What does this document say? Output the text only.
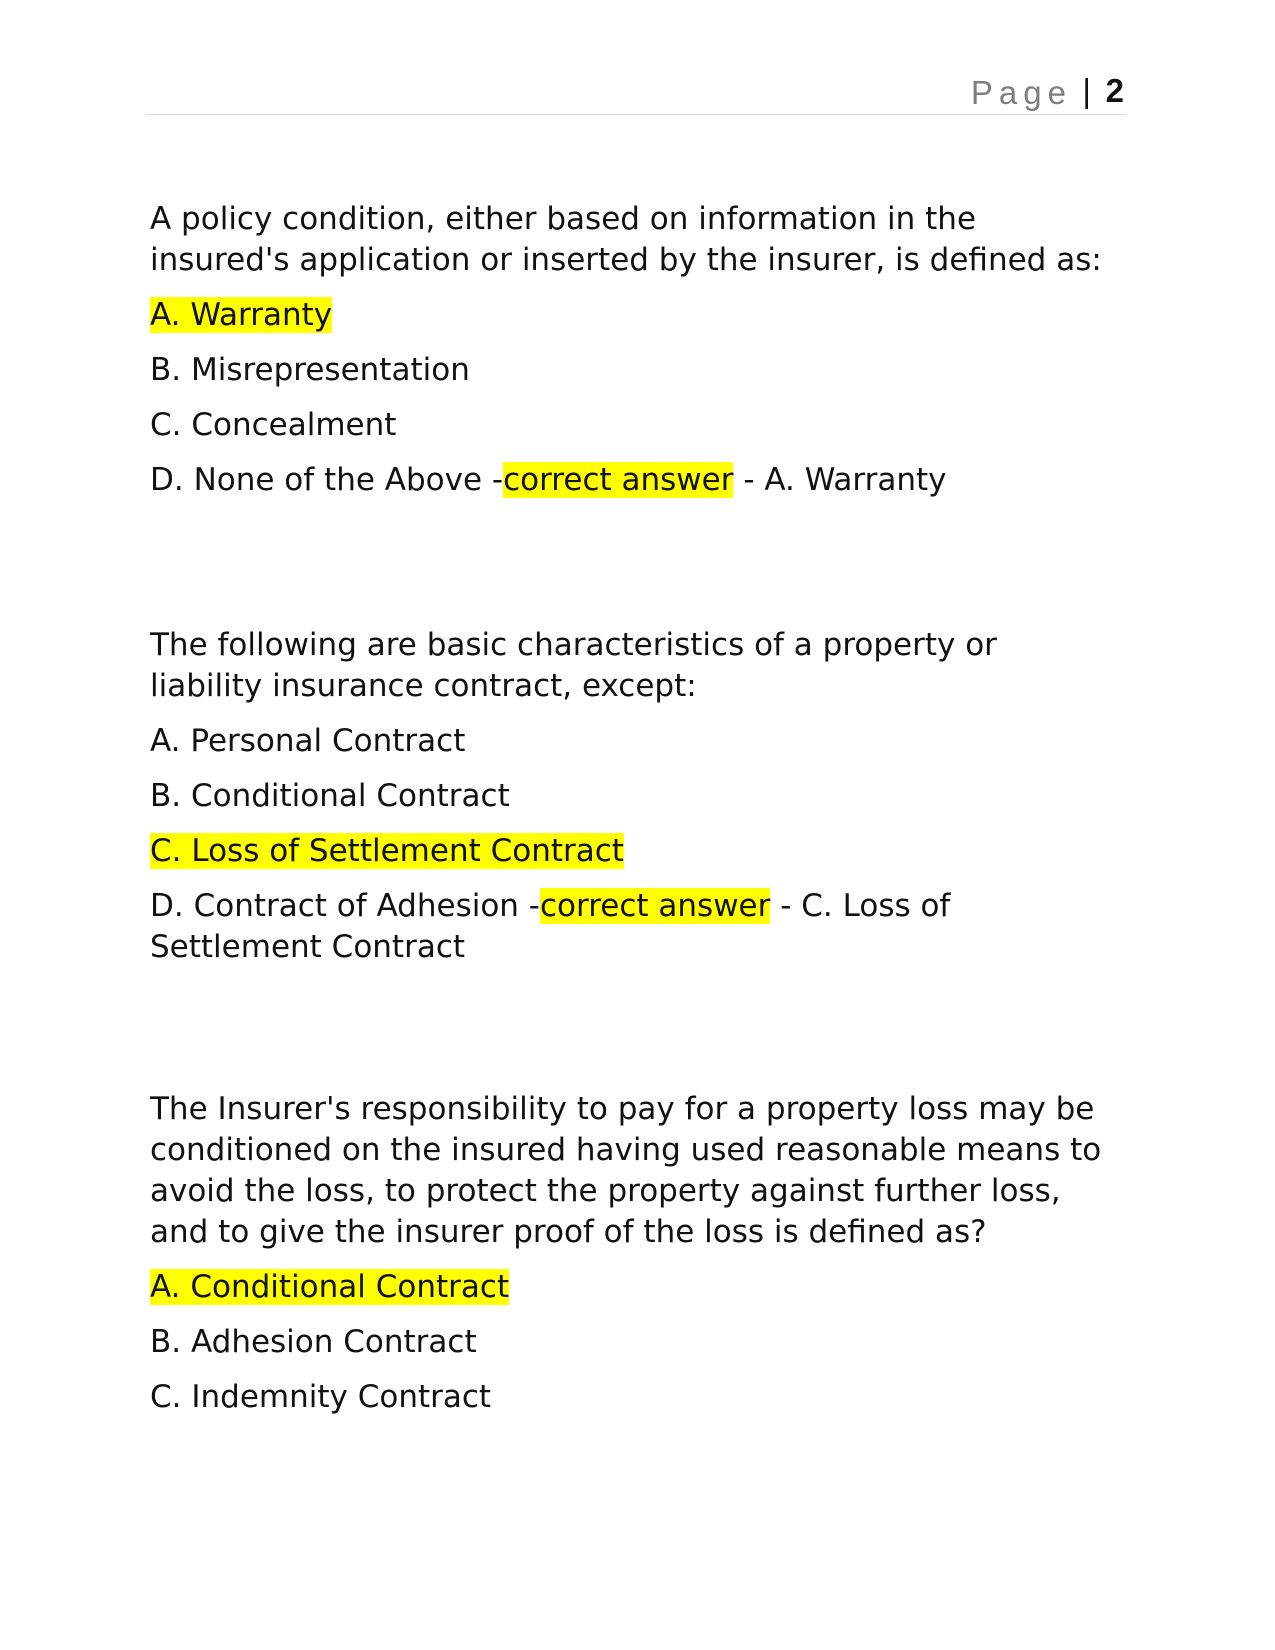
Page | 2

A policy condition, either based on information in the insured's application or inserted by the insurer, is defined as:

A. Warranty

B. Misrepresentation

C. Concealment

D. None of the Above -correct answer - A. Warranty

The following are basic characteristics of a property or liability insurance contract, except:

A. Personal Contract

B. Conditional Contract

C. Loss of Settlement Contract

D. Contract of Adhesion -correct answer - C. Loss of Settlement Contract

The Insurer's responsibility to pay for a property loss may be conditioned on the insured having used reasonable means to avoid the loss, to protect the property against further loss, and to give the insurer proof of the loss is defined as?

A. Conditional Contract

B. Adhesion Contract

C. Indemnity Contract
